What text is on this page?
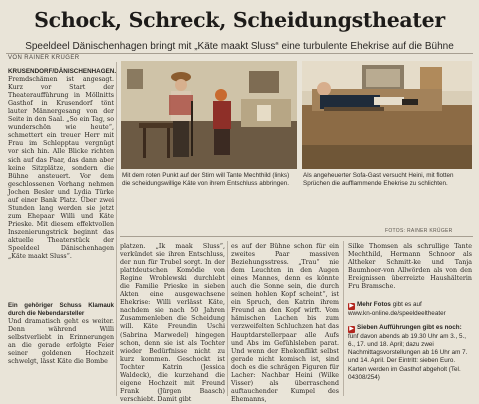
Schock, Schreck, Scheidungstheater
Speeldeel Dänischenhagen bringt mit „Käte maakt Sluss“ eine turbulente Ehekrise auf die Bühne
VON RAINER KRÜGER

KRUSENDORF/DÄNISCHENHAGEN. Fremdschämen ist angesagt. Kurz vor Start der Theateraufführung in Möllnitts Gasthof in Krusendorf tönt lauter Männergesang von der Seite in den Saal. „So ein Tag, so wunderschön wie heute“, schmettert ein treuer Herr mit Frau im Schlepptau vergnügt vor sich hin. Alle Blicke richten sich auf das Paar, das dann aber keine Sitzplätze, sondern die Bühne ansteuert. Vor dem geschlossenen Vorhang nehmen Jochen Besler und Lydia Türke auf einer Bank Platz. Über zwei Stunden lang werden sie jetzt zum Ehepaar Willi und Käte Prieske. Mit diesem effektvollen Inszenierungstrick beginnt das aktuelle Theaterstück der Speeldeel Dänischenhagen „Käte maakt Sluss“.

Ein gehöriger Schuss Klamauk durch die Nebendarsteller

Und dramatisch geht es weiter. Denn während Willi selbstverliebt in Erinnerungen an die gerade erfolgte Feier seiner goldenen Hochzeit schwelgt, lässt Käte die Bombe

Mit dem roten Punkt auf der Stirn will Tante Mechthild (links) die scheidungswillige Käte von ihrem Entschluss abbringen.
Als angeheuerter Sofa-Gast versucht Heini, mit flotten Sprüchen die aufflammende Ehekrise zu schlichten.
FOTOS: RAINER KRÜGER

platzen. „Ik maak Sluss“, verkündet sie ihren Entschluss, der nun für Trubel sorgt. In der plattdeutschen Komödie von Regine Wroblewski durchlebt die Familie Prieske in sieben Akten eine ausgewachsene Ehekrise: Willi verlässt Käte, nachdem sie nach 50 Jahren Zusammenleben die Scheidung will. Käte Freundin Uschi (Sabrina Marwedel) hingegen schon, denn sie ist als Tochter wieder Bedürfnisse nicht zu kurz kommen. Geschockt ist Tochter Katrin (Jessica Waldeck), die kurzehand die eigene Hochzeit mit Freund Frank (Jürgen Baasch) verschiebt. Damit gibt

es auf der Bühne schon für ein zweites Paar massiven Beziehungsstress. „Trau“ nie dem Leuchten in den Augen eines Mannes, denn es könnte auch die Sonne sein, die durch seinen hohlen Kopf scheint“, ist ein Spruch, den Katrin ihrem Freund an den Kopf wirft. Vom hämischen Lachen bis zum verzweifelten Schluchzen hat das Hauptdarstellerpaar alle Aufs und Abs im Gefühlsleben parat. Und wenn der Ehekonflikt selbst gerade nicht komisch ist, sind doch es die schrägen Figuren für Lacher: Nachbar Heini (Wilke Visser) als überraschend auftauchender Kumpel des Ehemanns,

Silke Thomsen als schrullige Tante Mechthild, Hermann Schnoor als Altheker Schmitt-ke und Tanja Baumhoer-von Allwörden als von den Ereignissen überreizte Haushälterin Fru Bramsche.

▶ Mehr Fotos gibt es auf
www.kn-online.de/speeldeeltheater
▶ Sieben Aufführungen gibt es noch: fünf davon abends ab 19.30 Uhr am 3., 5., 6., 17. und 18. April; dazu zwei Nachmittagsvorstellungen ab 16 Uhr am 7. und 14. April. Der Eintritt: sieben Euro. Karten werden im Gasthof abgeholt (Tel. 04308/254)
